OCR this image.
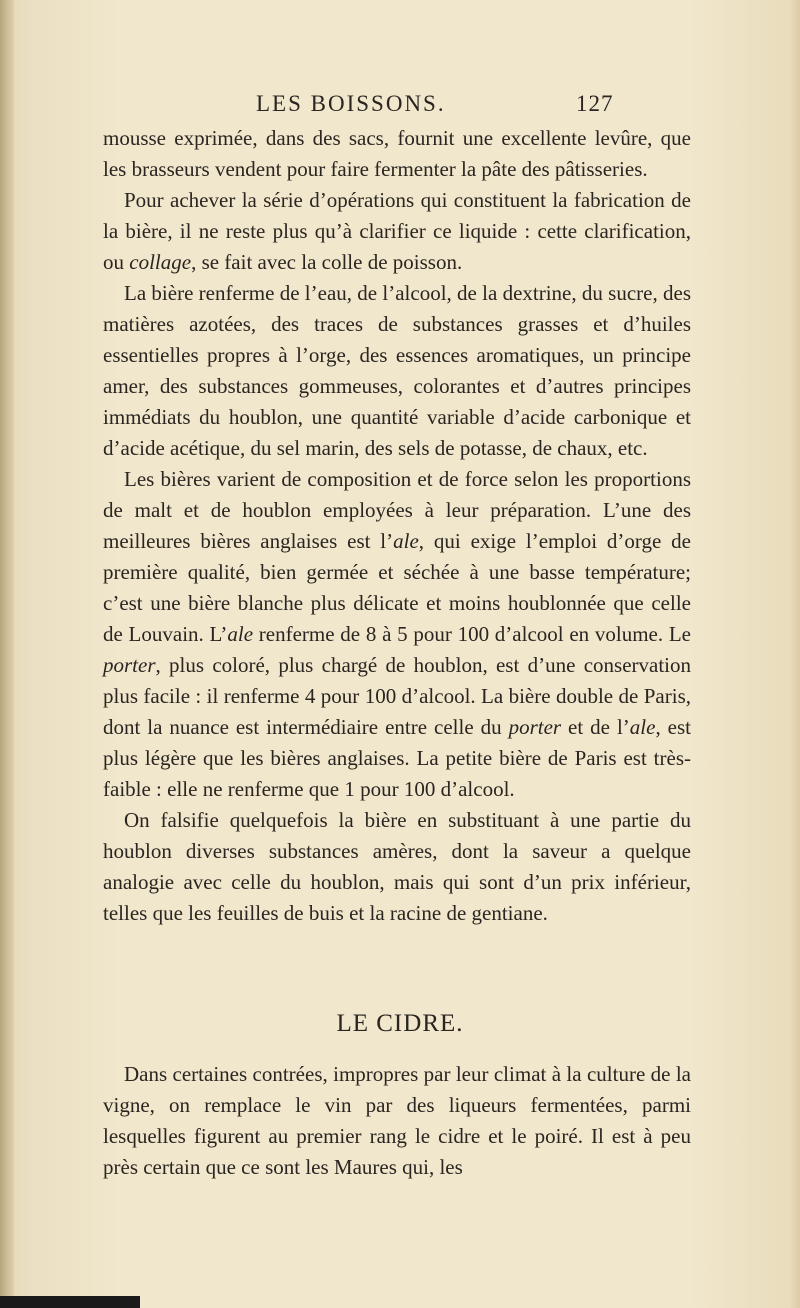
LES BOISSONS.	127

mousse exprimée, dans des sacs, fournit une excellente levûre, que les brasseurs vendent pour faire fermenter la pâte des pâtisseries.

Pour achever la série d’opérations qui constituent la fabrication de la bière, il ne reste plus qu’à clarifier ce liquide : cette clarification, ou collage, se fait avec la colle de poisson.

La bière renferme de l’eau, de l’alcool, de la dextrine, du sucre, des matières azotées, des traces de substances grasses et d’huiles essentielles propres à l’orge, des essences aromatiques, un principe amer, des substances gommeuses, colorantes et d’autres principes immédiats du houblon, une quantité variable d’acide carbonique et d’acide acétique, du sel marin, des sels de potasse, de chaux, etc.

Les bières varient de composition et de force selon les proportions de malt et de houblon employées à leur préparation. L’une des meilleures bières anglaises est l’ale, qui exige l’emploi d’orge de première qualité, bien germée et séchée à une basse température; c’est une bière blanche plus délicate et moins houblonnée que celle de Louvain. L’ale renferme de 8 à 5 pour 100 d’alcool en volume. Le porter, plus coloré, plus chargé de houblon, est d’une conservation plus facile : il renferme 4 pour 100 d’alcool. La bière double de Paris, dont la nuance est intermédiaire entre celle du porter et de l’ale, est plus légère que les bières anglaises. La petite bière de Paris est très-faible : elle ne renferme que 1 pour 100 d’alcool.

On falsifie quelquefois la bière en substituant à une partie du houblon diverses substances amères, dont la saveur a quelque analogie avec celle du houblon, mais qui sont d’un prix inférieur, telles que les feuilles de buis et la racine de gentiane.

LE CIDRE.

Dans certaines contrées, impropres par leur climat à la culture de la vigne, on remplace le vin par des liqueurs fermentées, parmi lesquelles figurent au premier rang le cidre et le poiré. Il est à peu près certain que ce sont les Maures qui, les
